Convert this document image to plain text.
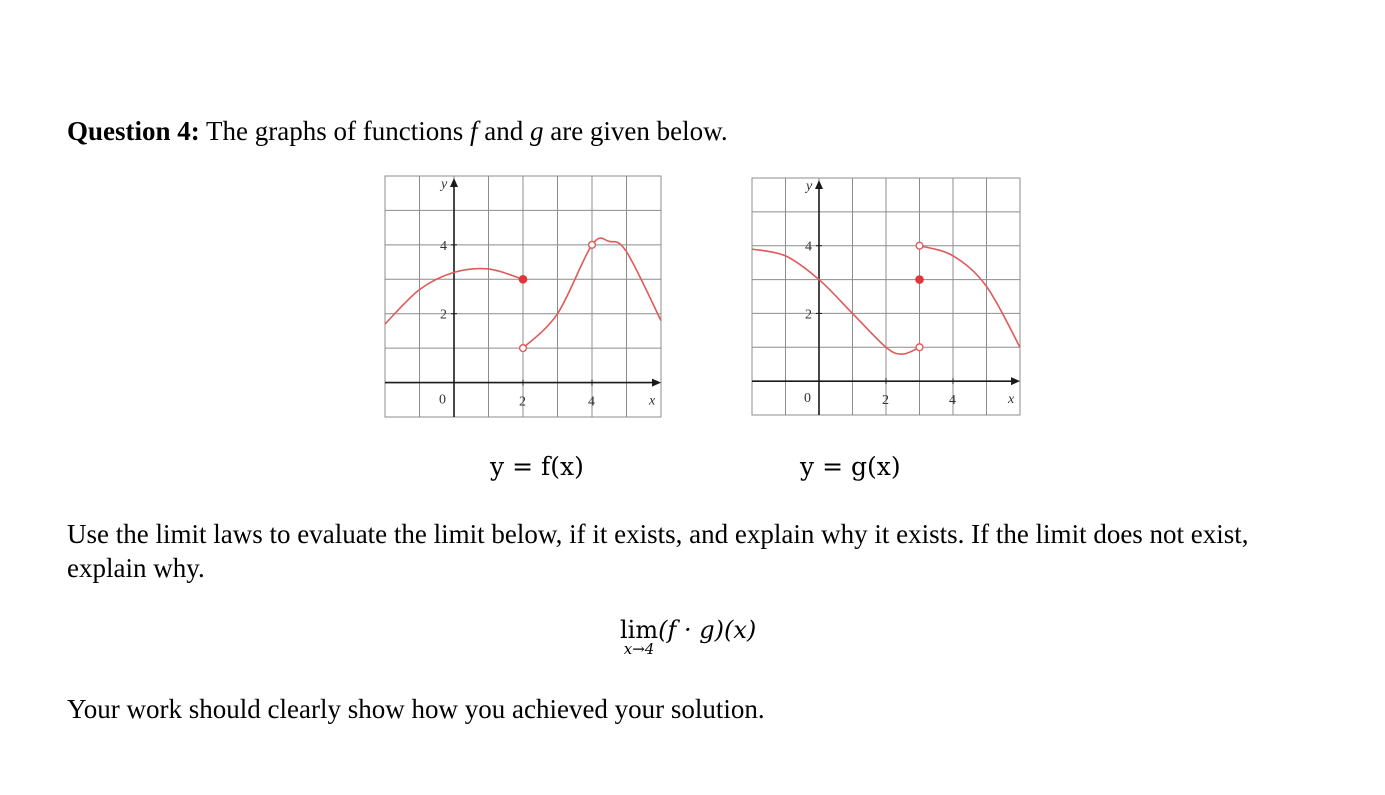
Question 4: The graphs of functions f and g are given below.
y
x
0	2	4
2
4
y
x
0	2	4
2
4
y = f(x)	y = g(x)
Use the limit laws to evaluate the limit below, if it exists, and explain why it exists. If the limit does not exist, explain why.
lim
x→4
(f · g)(x)
Your work should clearly show how you achieved your solution.
